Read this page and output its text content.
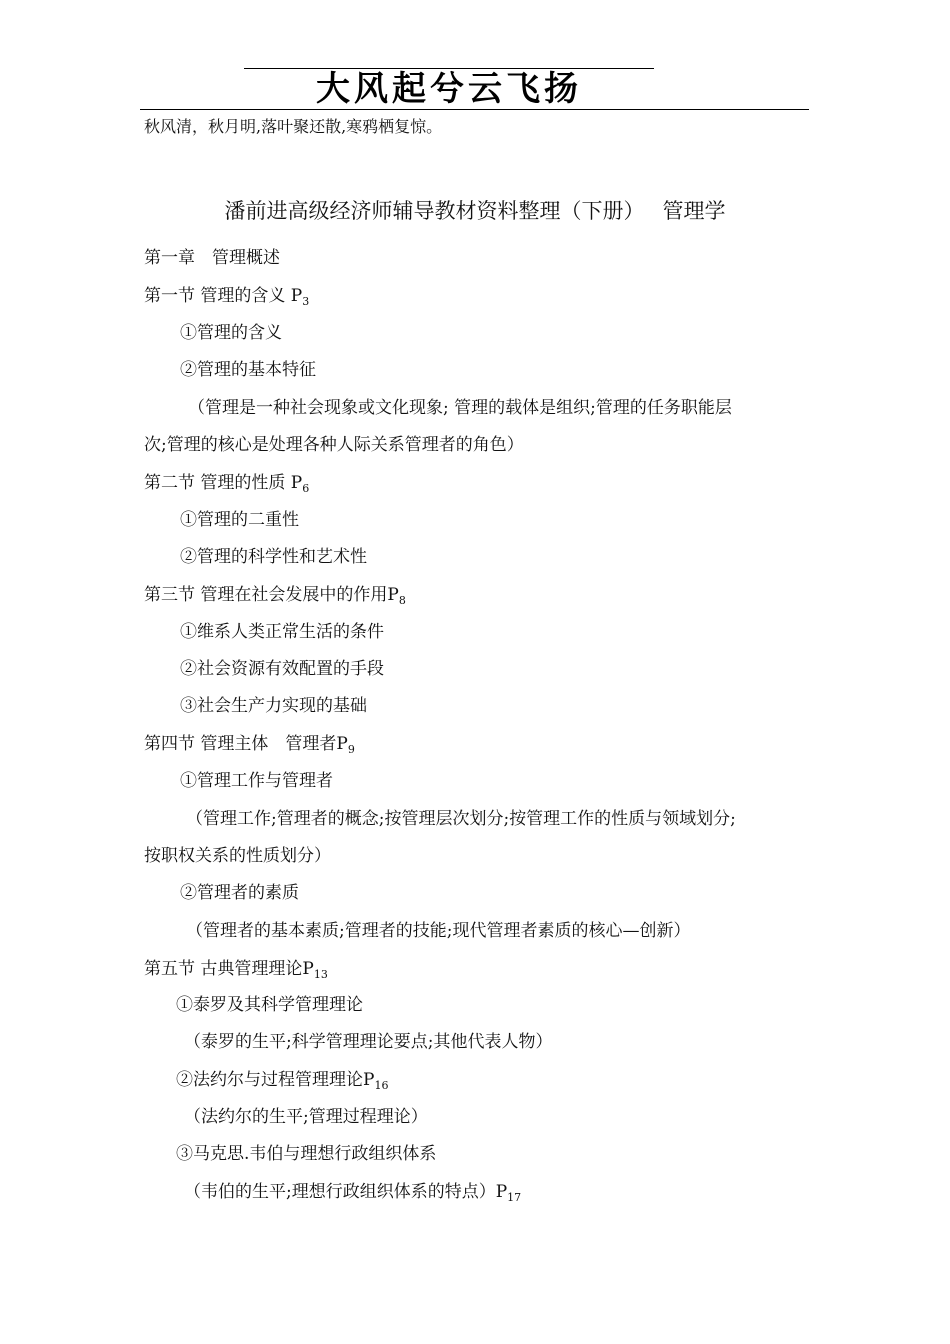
大风起兮云飞扬
秋风清，秋月明,落叶聚还散,寒鸦栖复惊。
潘前进高级经济师辅导教材资料整理（下册） 管理学
第一章　管理概述
第一节 管理的含义 $P_3$
①管理的含义
②管理的基本特征
（管理是一种社会现象或文化现象; 管理的载体是组织;管理的任务职能层
次;管理的核心是处理各种人际关系管理者的角色）
第二节 管理的性质 $P_6$
①管理的二重性
②管理的科学性和艺术性
第三节 管理在社会发展中的作用$P_8$
①维系人类正常生活的条件
②社会资源有效配置的手段
③社会生产力实现的基础
第四节 管理主体　管理者$P_9$
①管理工作与管理者
（管理工作;管理者的概念;按管理层次划分;按管理工作的性质与领域划分;
按职权关系的性质划分）
②管理者的素质
（管理者的基本素质;管理者的技能;现代管理者素质的核心—创新）
第五节 古典管理理论$P_{13}$
①泰罗及其科学管理理论
（泰罗的生平;科学管理理论要点;其他代表人物）
②法约尔与过程管理理论$P_{16}$
（法约尔的生平;管理过程理论）
③马克思.韦伯与理想行政组织体系
（韦伯的生平;理想行政组织体系的特点）$P_{17}$
